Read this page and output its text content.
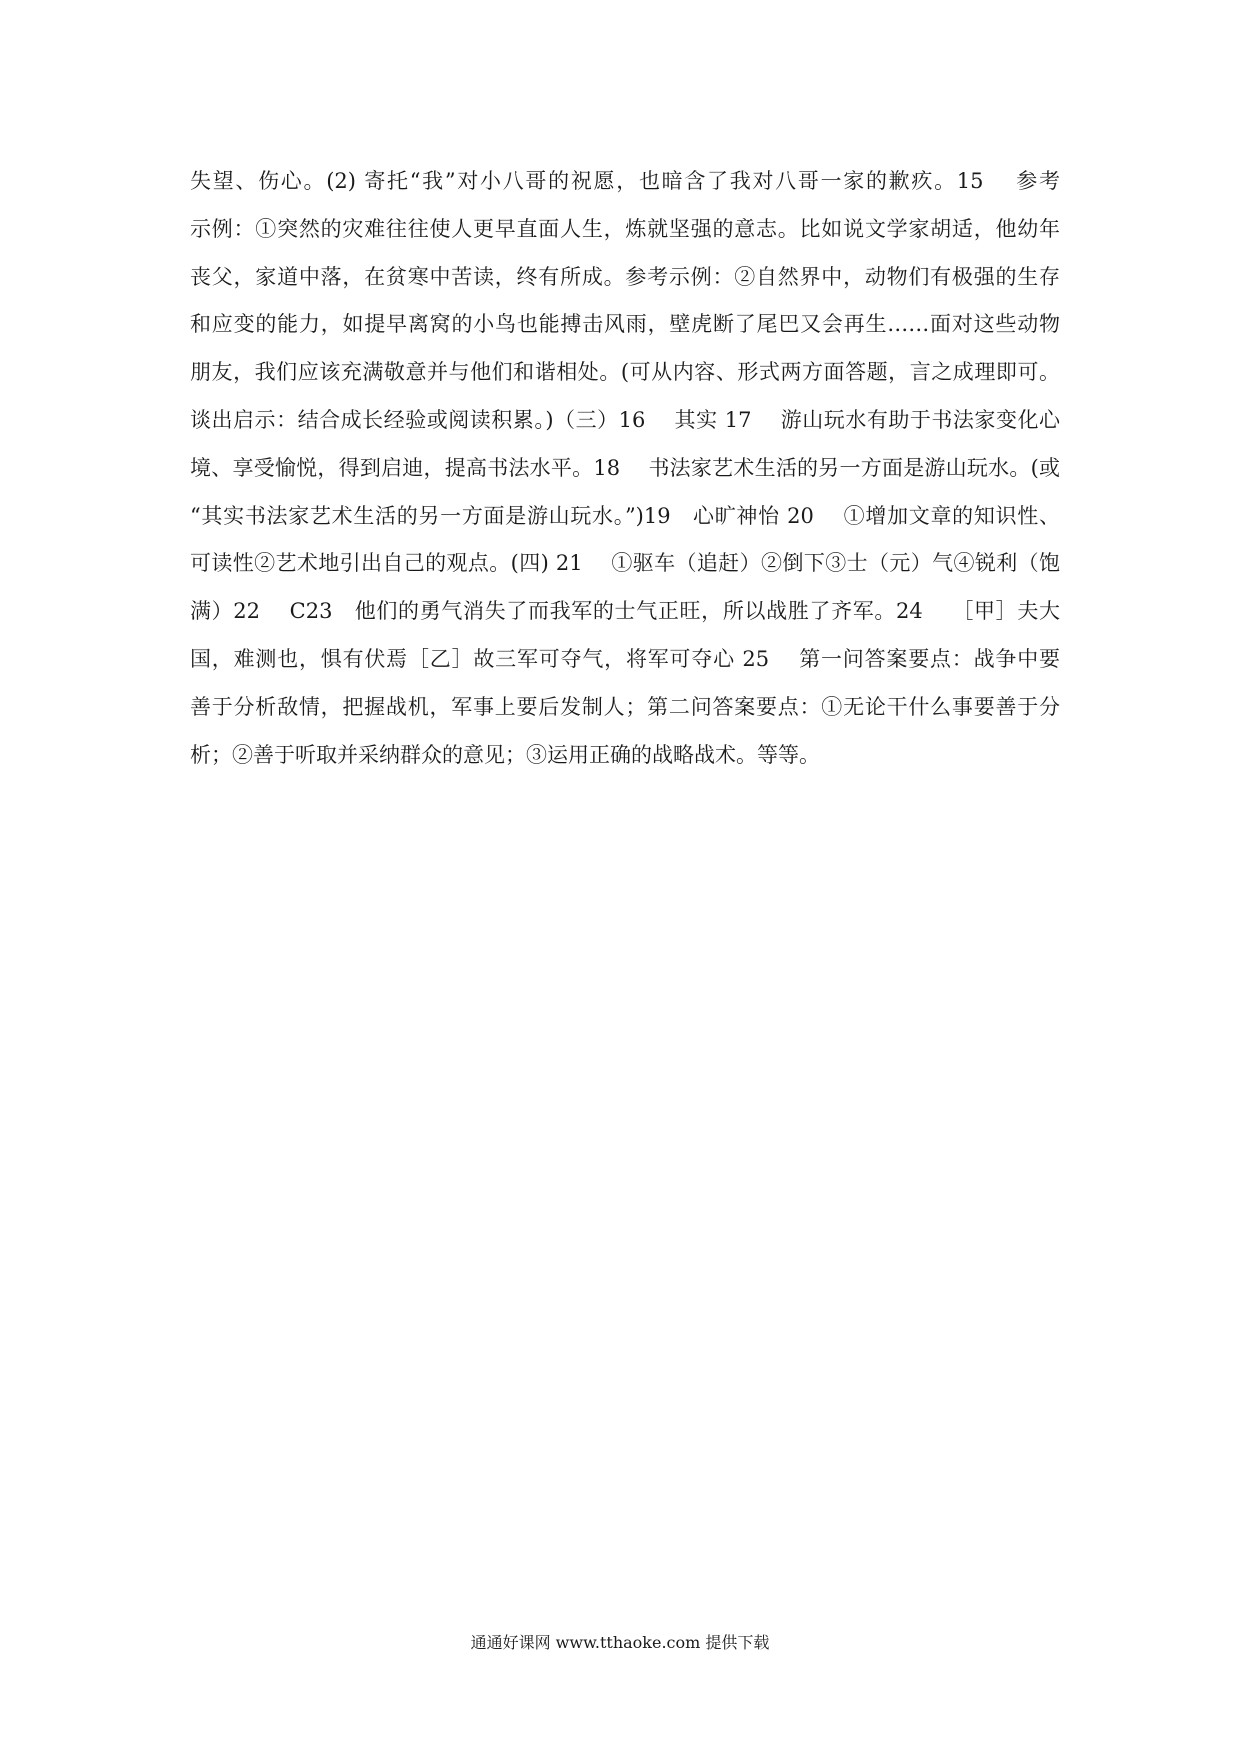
失望、伤心。(2) 寄托“我”对小八哥的祝愿，也暗含了我对八哥一家的歉疚。15　 参考
示例：①突然的灾难往往使人更早直面人生，炼就坚强的意志。比如说文学家胡适，他幼年
丧父，家道中落，在贫寒中苦读，终有所成。参考示例：②自然界中，动物们有极强的生存
和应变的能力，如提早离窝的小鸟也能搏击风雨，壁虎断了尾巴又会再生……面对这些动物
朋友，我们应该充满敬意并与他们和谐相处。(可从内容、形式两方面答题，言之成理即可。
谈出启示：结合成长经验或阅读积累。)（三）16　 其实 17　 游山玩水有助于书法家变化心
境、享受愉悦，得到启迪，提高书法水平。18　 书法家艺术生活的另一方面是游山玩水。(或
“其实书法家艺术生活的另一方面是游山玩水。”)19　心旷神怡 20　 ①增加文章的知识性、
可读性②艺术地引出自己的观点。(四) 21　 ①驱车（追赶）②倒下③士（元）气④锐利（饱
满）22　 C23　他们的勇气消失了而我军的士气正旺，所以战胜了齐军。24　 ［甲］夫大
国，难测也，惧有伏焉［乙］故三军可夺气，将军可夺心 25　 第一问答案要点：战争中要
善于分析敌情，把握战机，军事上要后发制人；第二问答案要点：①无论干什么事要善于分
析；②善于听取并采纳群众的意见；③运用正确的战略战术。等等。
通通好课网 www.tthaoke.com 提供下载
